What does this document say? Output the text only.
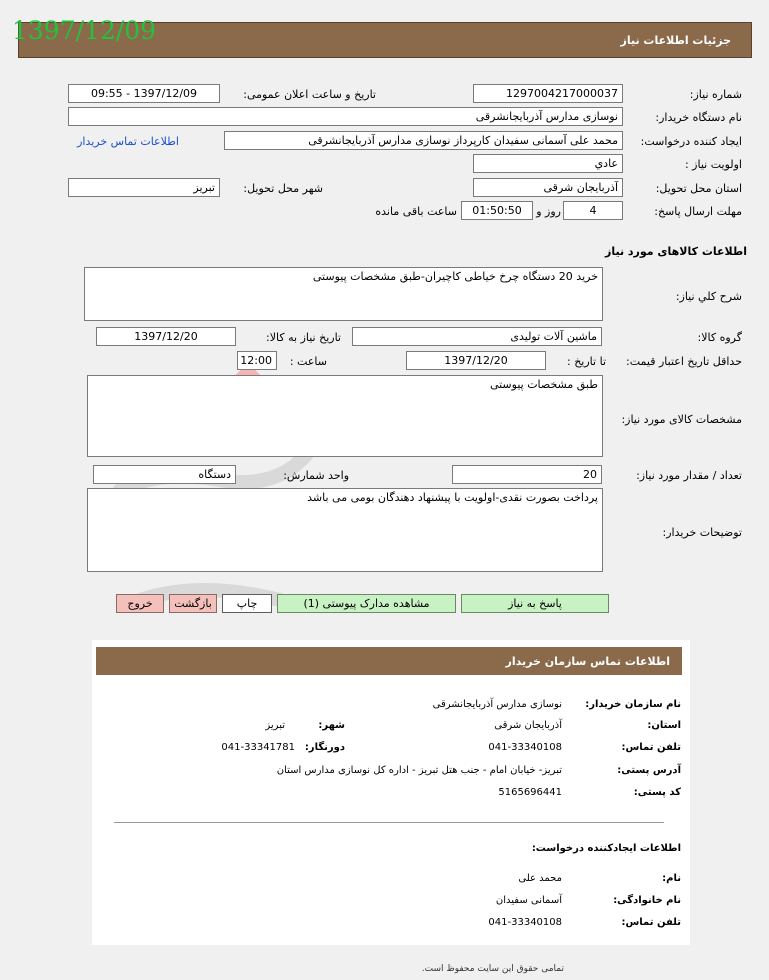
جزئیات اطلاعات نیاز
1397/12/09
شماره نیاز:
1297004217000037
تاریخ و ساعت اعلان عمومی:
1397/12/09 - 09:55
نام دستگاه خریدار:
نوسازی مدارس آذربایجانشرقی
ایجاد کننده درخواست:
محمد علی آسمانی سفیدان کارپرداز نوسازی مدارس آذربایجانشرقی
اطلاعات تماس خریدار
اولویت نیاز :
عادي
استان محل تحویل:
آذربایجان شرقی
شهر محل تحویل:
تبریز
مهلت ارسال پاسخ:
4
روز و
01:50:50
ساعت باقی مانده
اطلاعات کالاهای مورد نیاز
شرح کلي نیاز:
خرید 20 دستگاه چرخ خیاطی کاچیران-طبق مشخصات پیوستی
گروه کالا:
ماشین آلات تولیدی
تاریخ نیاز به کالا:
1397/12/20
حداقل تاریخ اعتبار قیمت:
تا تاریخ :
1397/12/20
ساعت :
12:00
مشخصات کالای مورد نیاز:
طبق مشخصات پیوستی
تعداد / مقدار مورد نیاز:
20
واحد شمارش:
دستگاه
توضیحات خریدار:
پرداخت بصورت نقدی-اولویت با پیشنهاد دهندگان بومی می باشد
پاسخ به نیاز
مشاهده مدارک پیوستی (1)
چاپ
بازگشت
خروج
اطلاعات تماس سازمان خریدار
نام سازمان خریدار:
نوسازی مدارس آذربایجانشرقی
استان:
آذربایجان شرقی
شهر:
تبریز
تلفن تماس:
041-33340108
دورنگار:
041-33341781
آدرس پستی:
تبریز- خیابان امام - جنب هتل تبریز - اداره کل نوسازی مدارس استان
کد پستی:
5165696441
اطلاعات ایجادکننده درخواست:
نام:
محمد علی
نام خانوادگی:
آسمانی سفیدان
تلفن تماس:
041-33340108
تمامی حقوق این سایت محفوظ است.
